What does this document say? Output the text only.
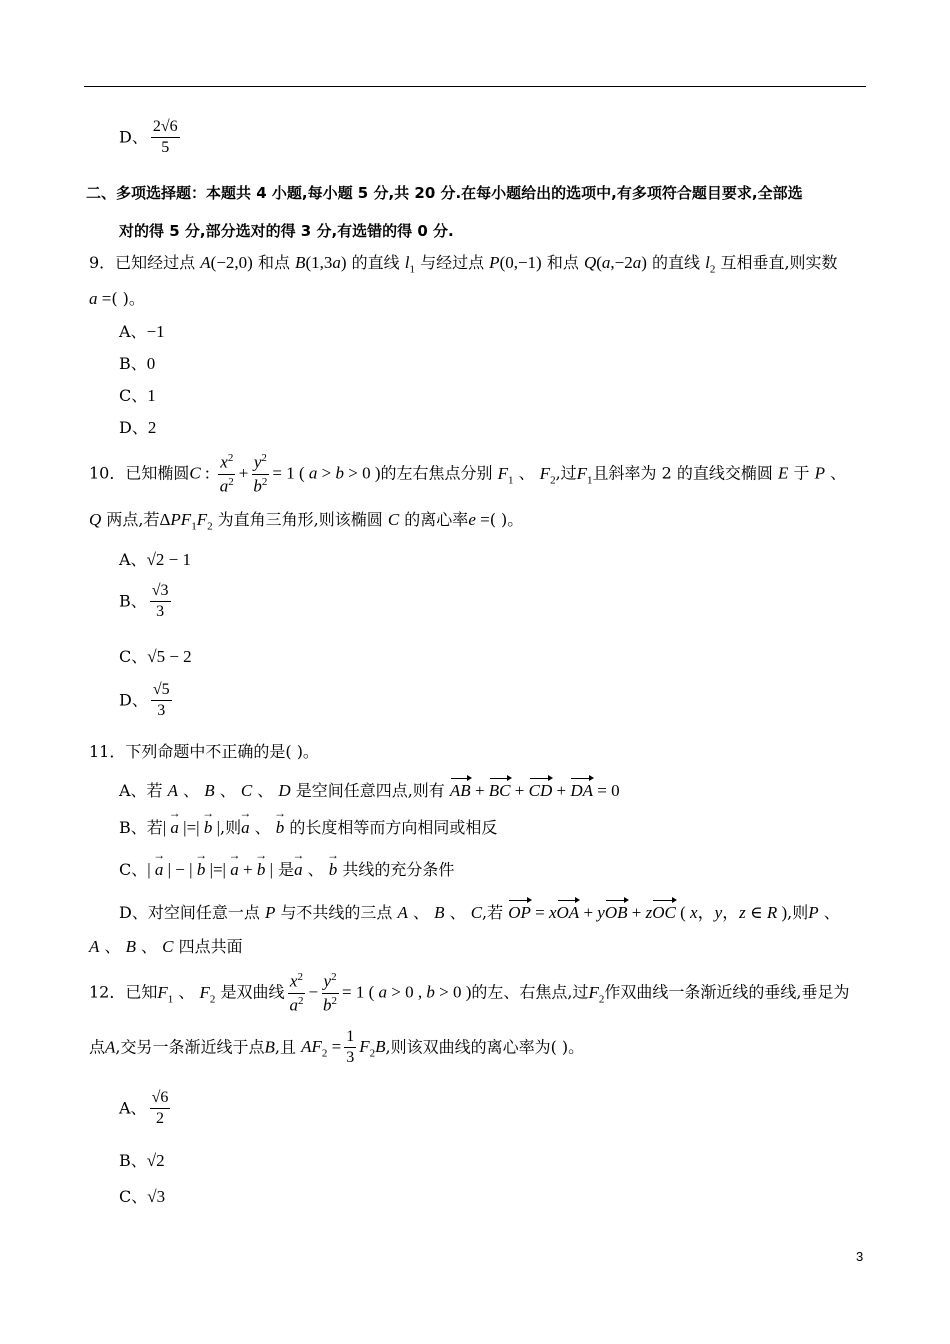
D、 $\frac{2√6}{5}$
二、多项选择题：本题共 4 小题,每小题 5 分,共 20 分.在每小题给出的选项中,有多项符合题目要求,全部选
对的得 5 分,部分选对的得 3 分,有选错的得 0 分.
9．已知经过点 A(−2,0) 和点 B(1,3a) 的直线 $l_1$ 与经过点 P(0,−1) 和点 Q(a,−2a) 的直线 $l_2$ 互相垂直,则实数
a =( )。
A、−1
B、0
C、1
D、2
10．已知椭圆C : $\frac{x^2}{a^2} + \frac{y^2}{b^2} = 1$ ( a > b > 0 )的左右焦点分别 $F_1$ 、 $F_2$,过$F_1$且斜率为 2 的直线交椭圆 E 于 P 、
Q 两点,若$\Delta PF_1F_2$ 为直角三角形,则该椭圆 C 的离心率e =( )。
A、√2 − 1
B、 $\frac{√3}{3}$
C、√5 − 2
D、 $\frac{√5}{3}$
11．下列命题中不正确的是( )。
A、若 A 、 B 、 C 、 D 是空间任意四点,则有 AB + BC + CD + DA = 0
B、若| → a |=| → b |,则→ a 、 → b 的长度相等而方向相同或相反
C、| → a | − | → b |=| → a + → b | 是→ a 、 → b 共线的充分条件
D、对空间任意一点 P 与不共线的三点 A 、 B 、 C,若 OP = xOA + yOB + zOC ( x，y，z ∈ R ),则P 、
A 、 B 、 C 四点共面
12．已知$F_1$ 、 $F_2$ 是双曲线 $\frac{x^2}{a^2} - \frac{y^2}{b^2} = 1$ ( a > 0 , b > 0 )的左、右焦点,过$F_2$作双曲线一条渐近线的垂线,垂足为
点A,交另一条渐近线于点B,且 $AF_2 = \frac{1}{3} F_2B$,则该双曲线的离心率为( )。
A、 $\frac{√6}{2}$
B、√2
C、√3
3
